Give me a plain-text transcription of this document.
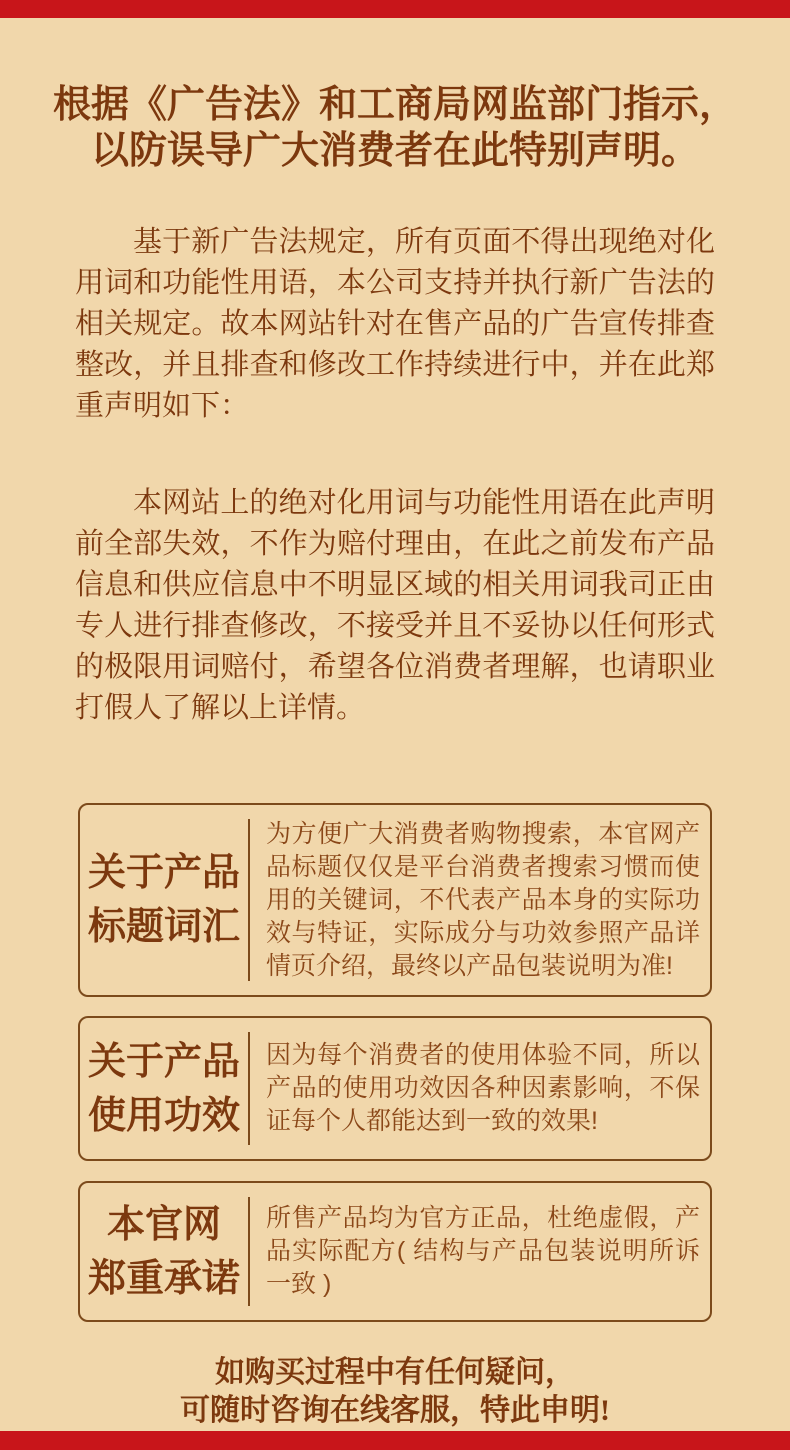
根据《广告法》和工商局网监部门指示，
以防误导广大消费者在此特别声明。

基于新广告法规定，所有页面不得出现绝对化用词和功能性用语，本公司支持并执行新广告法的相关规定。故本网站针对在售产品的广告宣传排查整改，并且排查和修改工作持续进行中，并在此郑重声明如下：

本网站上的绝对化用词与功能性用语在此声明前全部失效，不作为赔付理由，在此之前发布产品信息和供应信息中不明显区域的相关用词我司正由专人进行排查修改，不接受并且不妥协以任何形式的极限用词赔付，希望各位消费者理解，也请职业打假人了解以上详情。

关于产品
标题词汇

为方便广大消费者购物搜索，本官网产品标题仅仅是平台消费者搜索习惯而使用的关键词，不代表产品本身的实际功效与特证，实际成分与功效参照产品详情页介绍，最终以产品包装说明为准!

关于产品
使用功效

因为每个消费者的使用体验不同，所以产品的使用功效因各种因素影响，不保证每个人都能达到一致的效果!

本官网
郑重承诺

所售产品均为官方正品，杜绝虚假，产品实际配方( 结构与产品包装说明所诉一致 )

如购买过程中有任何疑问，
可随时咨询在线客服，特此申明!
